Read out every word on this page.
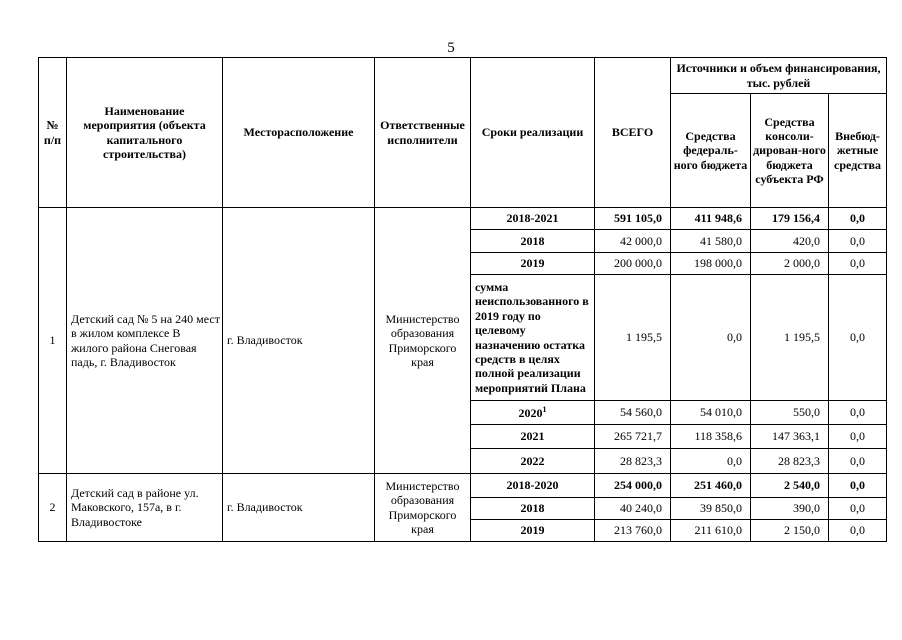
5
№ п/п	Наименование мероприятия (объекта капитального строительства)	Месторасположение	Ответственные исполнители	Сроки реализации	ВСЕГО	Источники и объем финансирования, тыс. рублей		
						Средства федераль-ного бюджета	Средства консоли-дирован-ного бюджета субъекта РФ	Внебюд-жетные средства
1	Детский сад № 5 на 240 мест в жилом комплексе В жилого района Снеговая падь, г. Владивосток	г. Владивосток	Министерство образования Приморского края	2018-2021	591 105,0	411 948,6	179 156,4	0,0
				2018	42 000,0	41 580,0	420,0	0,0
				2019	200 000,0	198 000,0	2 000,0	0,0
				сумма неиспользованного в 2019 году по целевому назначению остатка средств в целях полной реализации мероприятий Плана	1 195,5	0,0	1 195,5	0,0
				2020$^1$	54 560,0	54 010,0	550,0	0,0
				2021	265 721,7	118 358,6	147 363,1	0,0
				2022	28 823,3	0,0	28 823,3	0,0
2	Детский сад в районе ул. Маковского, 157а, в г. Владивостоке	г. Владивосток	Министерство образования Приморского края	2018-2020	254 000,0	251 460,0	2 540,0	0,0
				2018	40 240,0	39 850,0	390,0	0,0
				2019	213 760,0	211 610,0	2 150,0	0,0
